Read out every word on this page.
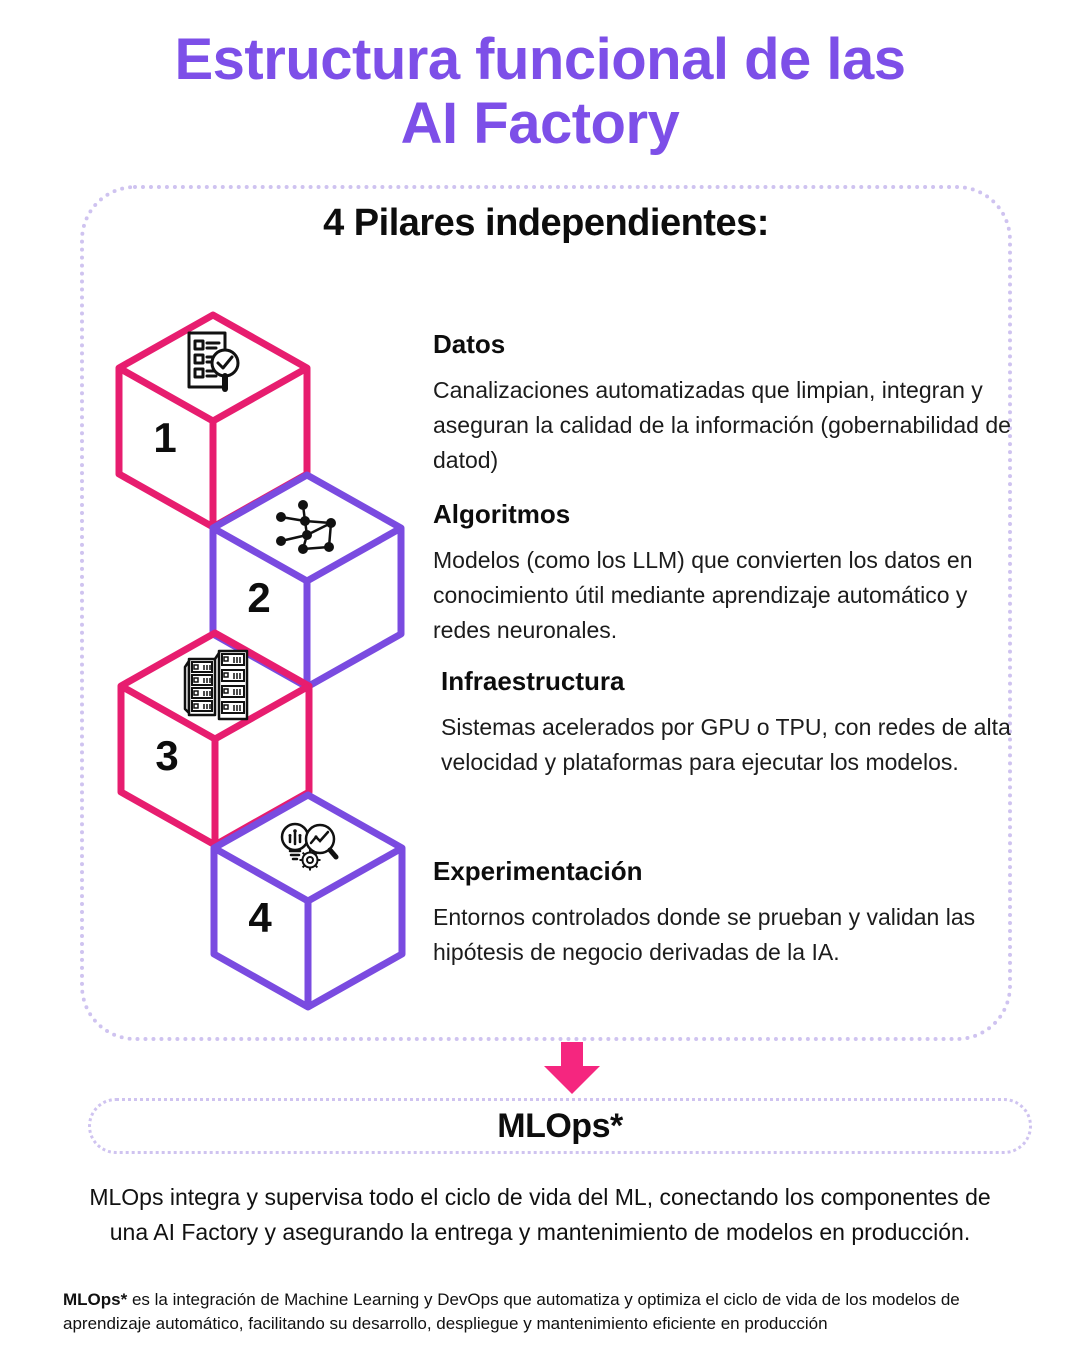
Estructura funcional de las
AI Factory
4 Pilares independientes:
1
2
3
4
Datos
Canalizaciones automatizadas que limpian, integran y aseguran la calidad de la información (gobernabilidad de datod)
Algoritmos
Modelos (como los LLM) que convierten los datos en conocimiento útil mediante aprendizaje automático y redes neuronales.
Infraestructura
Sistemas acelerados por GPU o TPU, con redes de alta velocidad y plataformas para ejecutar los modelos.
Experimentación
Entornos controlados donde se prueban y validan las hipótesis de negocio derivadas de la IA.
MLOps*
MLOps integra y supervisa todo el ciclo de vida del ML, conectando los componentes de una AI Factory y asegurando la entrega y mantenimiento de modelos en producción.
MLOps* es la integración de Machine Learning y DevOps que automatiza y optimiza el ciclo de vida de los modelos de aprendizaje automático, facilitando su desarrollo, despliegue y mantenimiento eficiente en producción
